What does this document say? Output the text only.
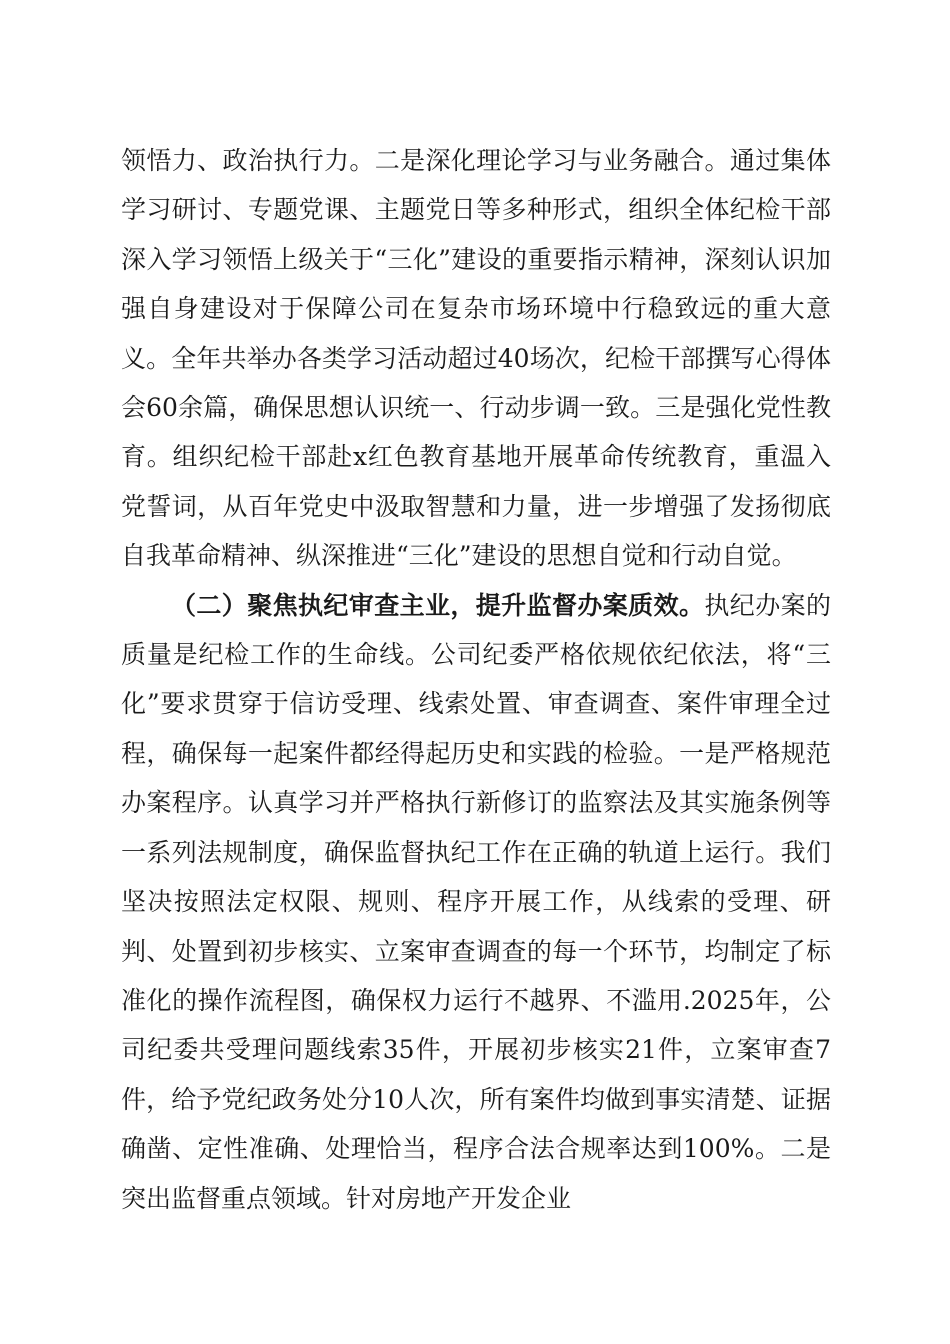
领悟力、政治执行力。二是深化理论学习与业务融合。通过集体学习研讨、专题党课、主题党日等多种形式，组织全体纪检干部深入学习领悟上级关于“三化”建设的重要指示精神，深刻认识加强自身建设对于保障公司在复杂市场环境中行稳致远的重大意义。全年共举办各类学习活动超过40场次，纪检干部撰写心得体会60余篇，确保思想认识统一、行动步调一致。三是强化党性教育。组织纪检干部赴x红色教育基地开展革命传统教育，重温入党誓词，从百年党史中汲取智慧和力量，进一步增强了发扬彻底自我革命精神、纵深推进“三化”建设的思想自觉和行动自觉。

（二）聚焦执纪审查主业，提升监督办案质效。执纪办案的质量是纪检工作的生命线。公司纪委严格依规依纪依法，将“三化”要求贯穿于信访受理、线索处置、审查调查、案件审理全过程，确保每一起案件都经得起历史和实践的检验。一是严格规范办案程序。认真学习并严格执行新修订的监察法及其实施条例等一系列法规制度，确保监督执纪工作在正确的轨道上运行。我们坚决按照法定权限、规则、程序开展工作，从线索的受理、研判、处置到初步核实、立案审查调查的每一个环节，均制定了标准化的操作流程图，确保权力运行不越界、不滥用.2025年，公司纪委共受理问题线索35件，开展初步核实21件，立案审查7件，给予党纪政务处分10人次，所有案件均做到事实清楚、证据确凿、定性准确、处理恰当，程序合法合规率达到100%。二是突出监督重点领域。针对房地产开发企业
